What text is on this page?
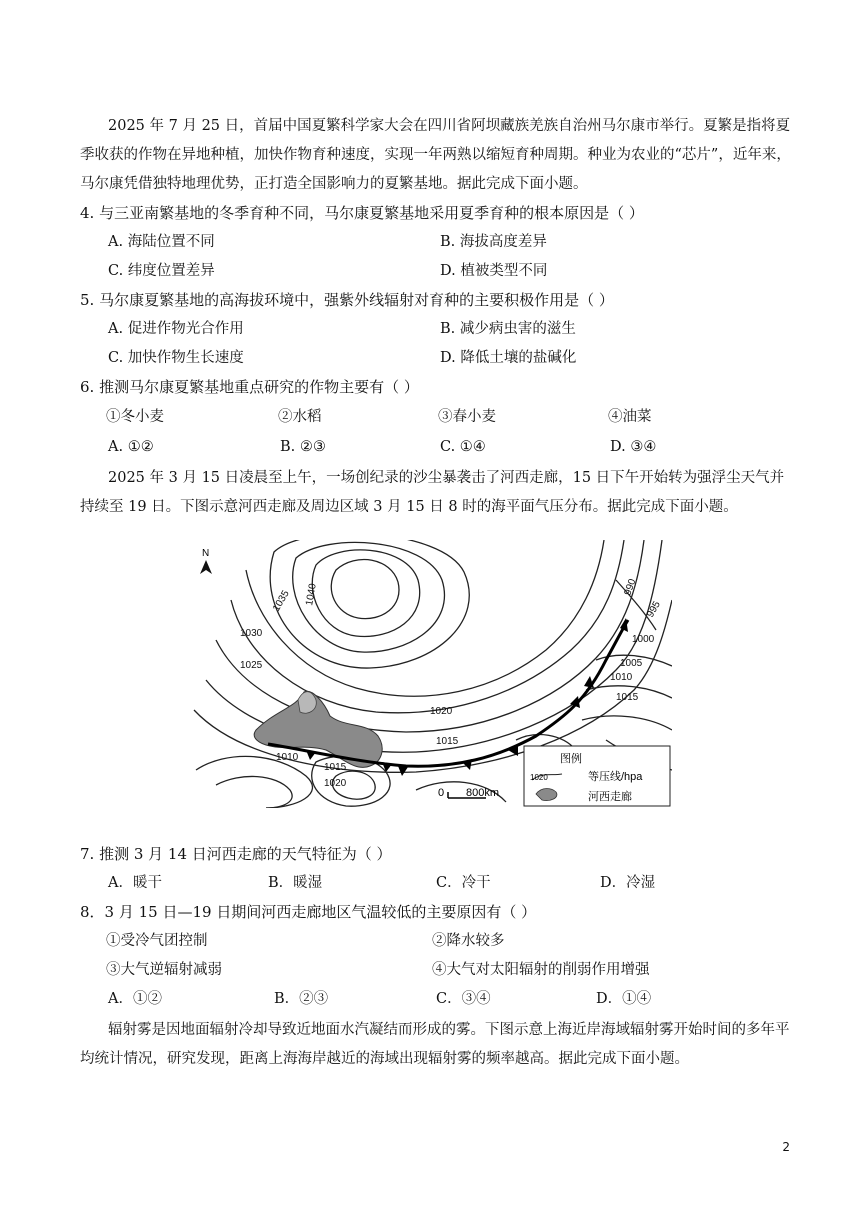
2025 年 7 月 25 日，首届中国夏繁科学家大会在四川省阿坝藏族羌族自治州马尔康市举行。夏繁是指将夏季收获的作物在异地种植，加快作物育种速度，实现一年两熟以缩短育种周期。种业为农业的“芯片”，近年来，马尔康凭借独特地理优势，正打造全国影响力的夏繁基地。据此完成下面小题。
4. 与三亚南繁基地的冬季育种不同，马尔康夏繁基地采用夏季育种的根本原因是（ ）
A. 海陆位置不同	B. 海拔高度差异
C. 纬度位置差异	D. 植被类型不同
5. 马尔康夏繁基地的高海拔环境中，强紫外线辐射对育种的主要积极作用是（ ）
A. 促进作物光合作用	B. 减少病虫害的滋生
C. 加快作物生长速度	D. 降低土壤的盐碱化
6. 推测马尔康夏繁基地重点研究的作物主要有（ ）
①冬小麦	②水稻	③春小麦	④油菜
A. ①②	B. ②③	C. ①④	D. ③④
2025 年 3 月 15 日凌晨至上午，一场创纪录的沙尘暴袭击了河西走廊，15 日下午开始转为强浮尘天气并持续至 19 日。下图示意河西走廊及周边区域 3 月 15 日 8 时的海平面气压分布。据此完成下面小题。
N
1040
1035
1030
1025
1020
1015
1010
1015
1020
990
995
1000
1005
1010
1015
0 800km
图例
1020	等压线/hpa
河西走廊
7. 推测 3 月 14 日河西走廊的天气特征为（ ）
A．暖干	B．暖湿	C．冷干	D．冷湿
8．3 月 15 日—19 日期间河西走廊地区气温较低的主要原因有（ ）
①受冷气团控制	②降水较多
③大气逆辐射减弱	④大气对太阳辐射的削弱作用增强
A．①②	B．②③	C．③④	D．①④
辐射雾是因地面辐射冷却导致近地面水汽凝结而形成的雾。下图示意上海近岸海域辐射雾开始时间的多年平均统计情况，研究发现，距离上海海岸越近的海域出现辐射雾的频率越高。据此完成下面小题。
2
